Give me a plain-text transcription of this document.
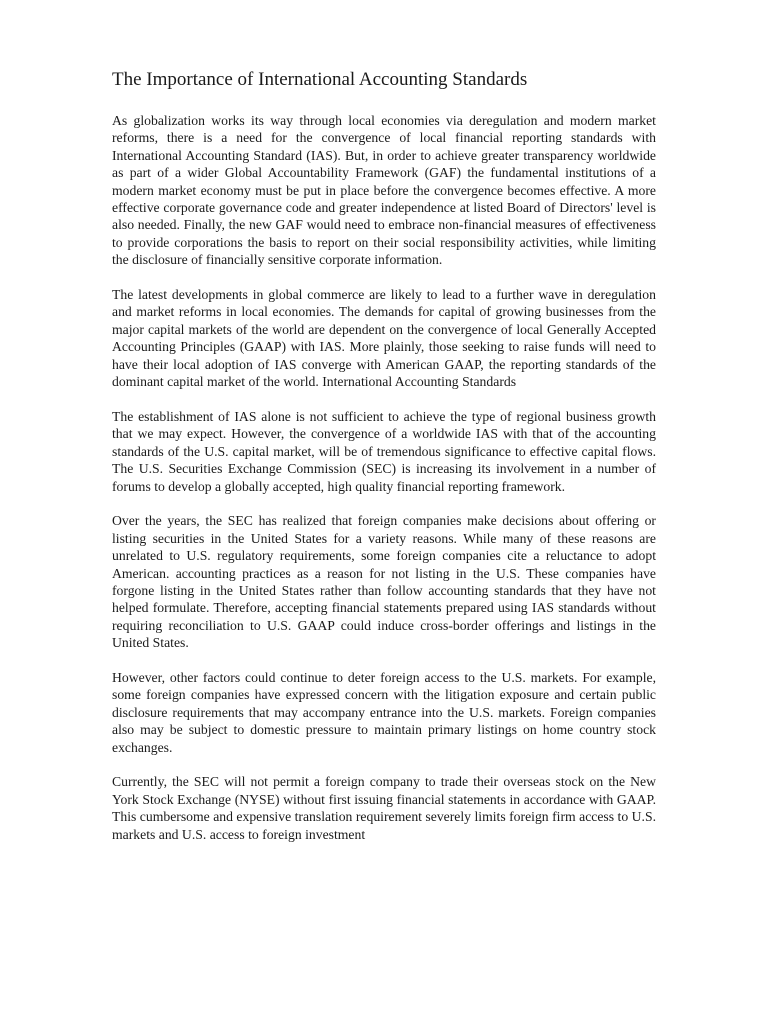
The Importance of International Accounting Standards

As globalization works its way through local economies via deregulation and modern market reforms, there is a need for the convergence of local financial reporting standards with International Accounting Standard (IAS). But, in order to achieve greater transparency worldwide as part of a wider Global Accountability Framework (GAF) the fundamental institutions of a modern market economy must be put in place before the convergence becomes effective. A more effective corporate governance code and greater independence at listed Board of Directors' level is also needed. Finally, the new GAF would need to embrace non-financial measures of effectiveness to provide corporations the basis to report on their social responsibility activities, while limiting the disclosure of financially sensitive corporate information.

The latest developments in global commerce are likely to lead to a further wave in deregulation and market reforms in local economies. The demands for capital of growing businesses from the major capital markets of the world are dependent on the convergence of local Generally Accepted Accounting Principles (GAAP) with IAS. More plainly, those seeking to raise funds will need to have their local adoption of IAS converge with American GAAP, the reporting standards of the dominant capital market of the world. International Accounting Standards

The establishment of IAS alone is not sufficient to achieve the type of regional business growth that we may expect. However, the convergence of a worldwide IAS with that of the accounting standards of the U.S. capital market, will be of tremendous significance to effective capital flows. The U.S. Securities Exchange Commission (SEC) is increasing its involvement in a number of forums to develop a globally accepted, high quality financial reporting framework.

Over the years, the SEC has realized that foreign companies make decisions about offering or listing securities in the United States for a variety reasons. While many of these reasons are unrelated to U.S. regulatory requirements, some foreign companies cite a reluctance to adopt American. accounting practices as a reason for not listing in the U.S. These companies have forgone listing in the United States rather than follow accounting standards that they have not helped formulate. Therefore, accepting financial statements prepared using IAS standards without requiring reconciliation to U.S. GAAP could induce cross-border offerings and listings in the United States.

However, other factors could continue to deter foreign access to the U.S. markets. For example, some foreign companies have expressed concern with the litigation exposure and certain public disclosure requirements that may accompany entrance into the U.S. markets. Foreign companies also may be subject to domestic pressure to maintain primary listings on home country stock exchanges.

Currently, the SEC will not permit a foreign company to trade their overseas stock on the New York Stock Exchange (NYSE) without first issuing financial statements in accordance with GAAP. This cumbersome and expensive translation requirement severely limits foreign firm access to U.S. markets and U.S. access to foreign investment
